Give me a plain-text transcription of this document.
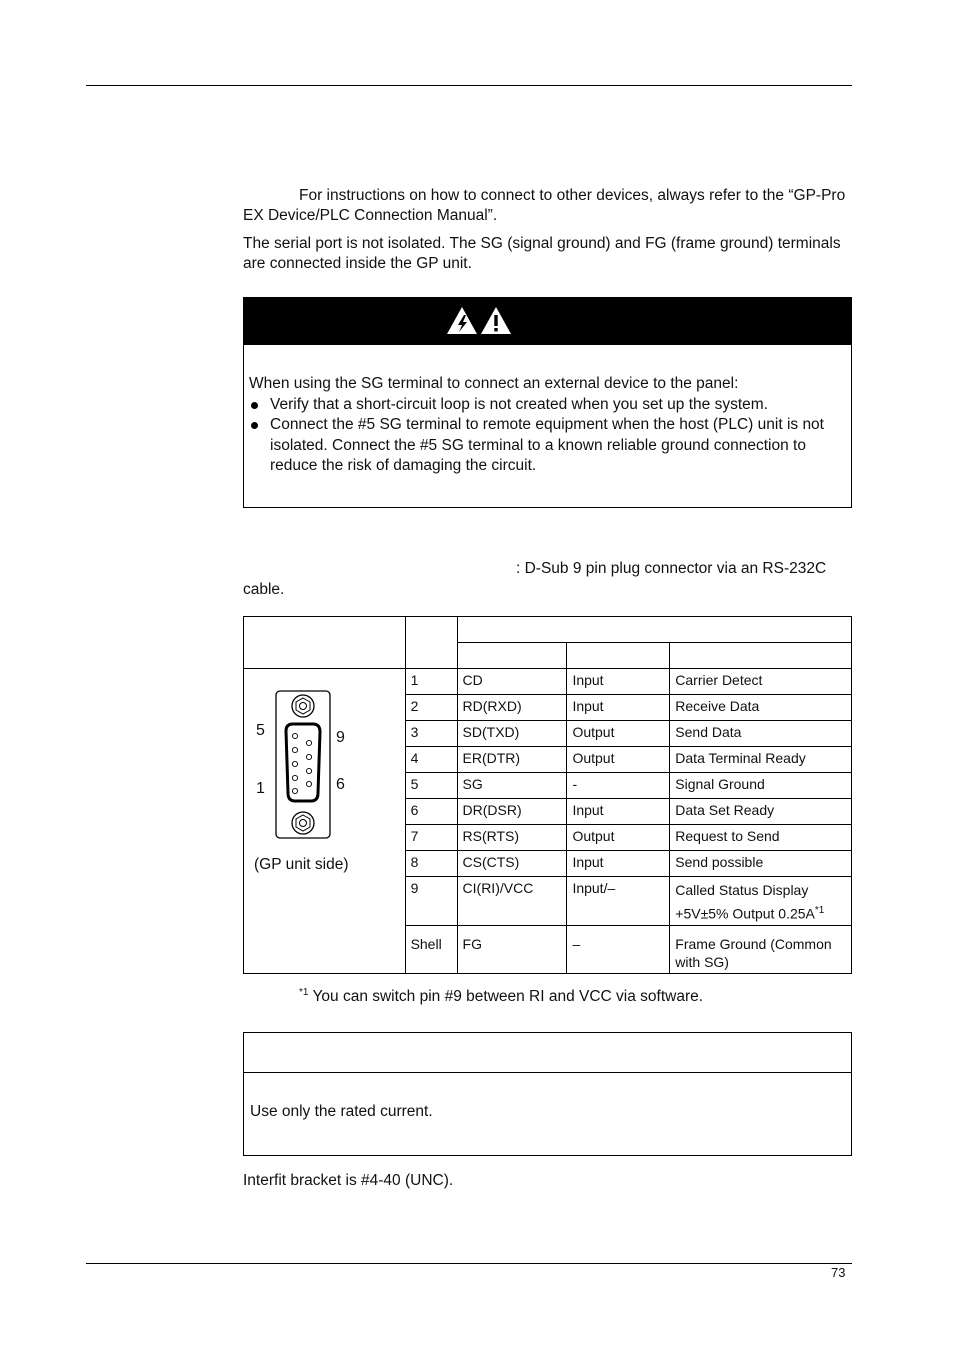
For instructions on how to connect to other devices, always refer to the “GP-Pro EX Device/PLC Connection Manual”.

The serial port is not isolated. The SG (signal ground) and FG (frame ground) terminals are connected inside the GP unit.

When using the SG terminal to connect an external device to the panel:
Verify that a short-circuit loop is not created when you set up the system.
Connect the #5 SG terminal to remote equipment when the host (PLC) unit is not isolated. Connect the #5 SG terminal to a known reliable ground connection to reduce the risk of damaging the circuit.
: D-Sub 9 pin plug connector via an RS-232C
cable.

5 9
1 6
(GP unit side)	1	CD	Input	Carrier Detect
	2	RD(RXD)	Input	Receive Data
	3	SD(TXD)	Output	Send Data
	4	ER(DTR)	Output	Data Terminal Ready
	5	SG	-	Signal Ground
	6	DR(DSR)	Input	Data Set Ready
	7	RS(RTS)	Output	Request to Send
	8	CS(CTS)	Input	Send possible
	9	CI(RI)/VCC	Input/–	Called Status Display
+5V±5% Output $0.25A^{*1}$

	Shell	FG	–	Frame Ground (Common with SG)
$^{*1}$ You can switch pin #9 between RI and VCC via software.
Use only the rated current.
Interfit bracket is #4-40 (UNC).
73
